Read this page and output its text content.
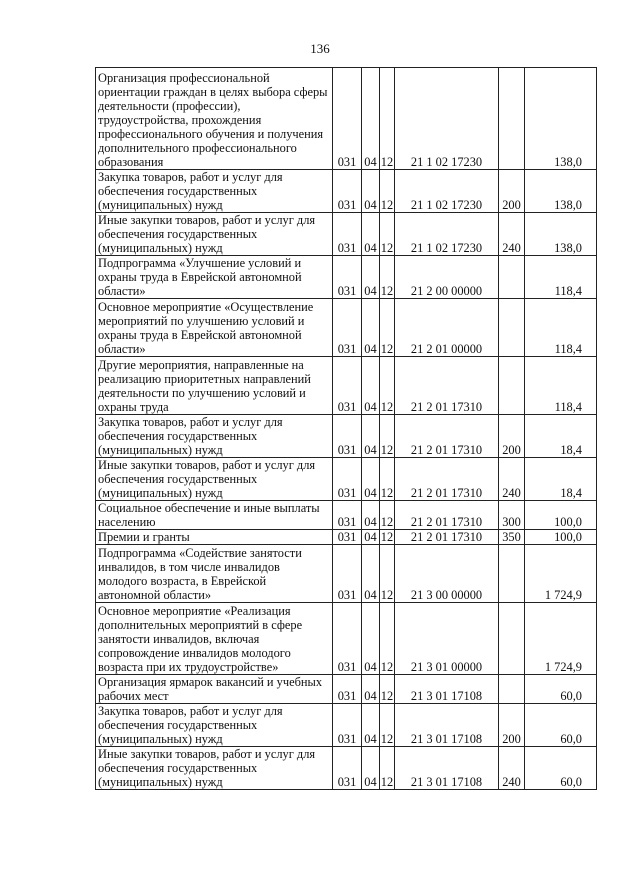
136
Организация профессиональной ориентации граждан в целях выбора сферы деятельности (профессии), трудоустройства, прохождения профессионального обучения и получения дополнительного профессионального образования	031	04	12	21 1 02 17230		138,0
Закупка товаров, работ и услуг для обеспечения государственных (муниципальных) нужд	031	04	12	21 1 02 17230	200	138,0
Иные закупки товаров, работ и услуг для обеспечения государственных (муниципальных) нужд	031	04	12	21 1 02 17230	240	138,0
Подпрограмма «Улучшение условий и охраны труда в Еврейской автономной области»	031	04	12	21 2 00 00000		118,4
Основное мероприятие «Осуществление мероприятий по улучшению условий и охраны труда в Еврейской автономной области»	031	04	12	21 2 01 00000		118,4
Другие мероприятия, направленные на реализацию приоритетных направлений деятельности по улучшению условий и охраны труда	031	04	12	21 2 01 17310		118,4
Закупка товаров, работ и услуг для обеспечения государственных (муниципальных) нужд	031	04	12	21 2 01 17310	200	18,4
Иные закупки товаров, работ и услуг для обеспечения государственных (муниципальных) нужд	031	04	12	21 2 01 17310	240	18,4
Социальное обеспечение и иные выплаты населению	031	04	12	21 2 01 17310	300	100,0
Премии и гранты	031	04	12	21 2 01 17310	350	100,0
Подпрограмма «Содействие занятости инвалидов, в том числе инвалидов молодого возраста, в Еврейской автономной области»	031	04	12	21 3 00 00000		1 724,9
Основное мероприятие «Реализация дополнительных мероприятий в сфере занятости инвалидов, включая сопровождение инвалидов молодого возраста при их трудоустройстве»	031	04	12	21 3 01 00000		1 724,9
Организация ярмарок вакансий и учебных рабочих мест	031	04	12	21 3 01 17108		60,0
Закупка товаров, работ и услуг для обеспечения государственных (муниципальных) нужд	031	04	12	21 3 01 17108	200	60,0
Иные закупки товаров, работ и услуг для обеспечения государственных (муниципальных) нужд	031	04	12	21 3 01 17108	240	60,0
